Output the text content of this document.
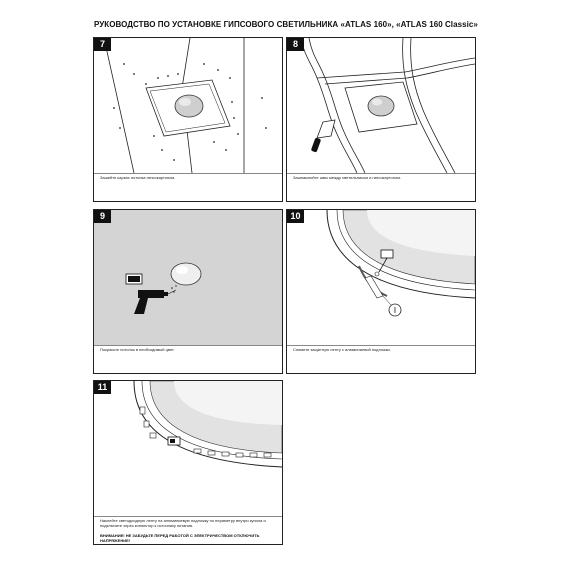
РУКОВОДСТВО ПО УСТАНОВКЕ ГИПСОВОГО СВЕТИЛЬНИКА «ATLAS 160», «ATLAS 160 Classic»
7
Зашейте каркас потолка гипсокартоном.
8
Зашпаклюйте швы между светильником и гипсокартоном.
9
Покрасьте потолок в необходимый цвет.
10
Снимите защитную ленту с алюминиевой подложки.
11
Наклейте светодиодную ленту на алюминиевую подложку по периметру внутри купола и подключите через коннектор к источнику питания.
ВНИМАНИЕ! НЕ ЗАБУДЬТЕ ПЕРЕД РАБОТОЙ С ЭЛЕКТРИЧЕСТВОМ ОТКЛЮЧИТЬ НАПРЯЖЕНИЕ!
